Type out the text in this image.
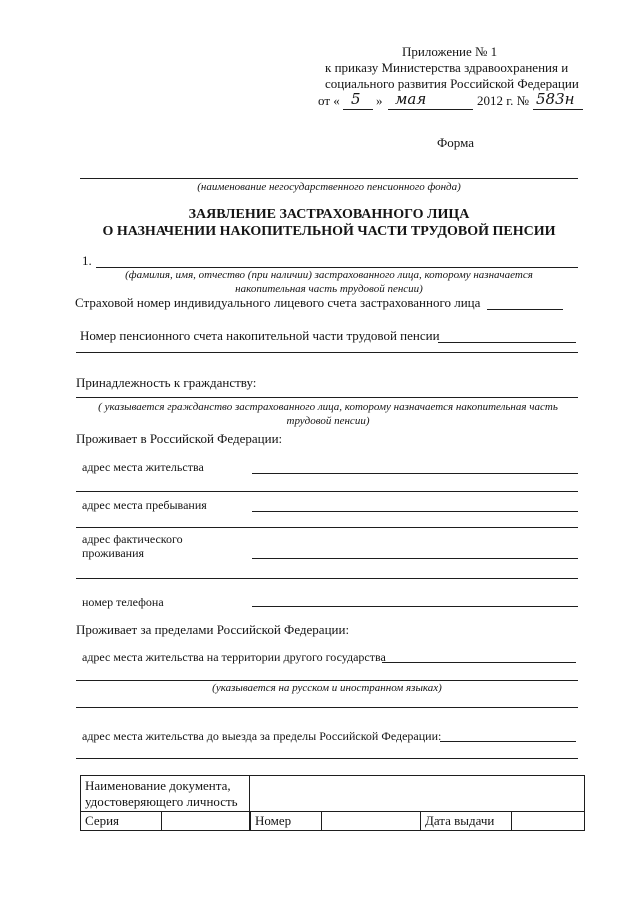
Приложение № 1
к приказу Министерства здравоохранения и
социального развития Российской Федерации
от « 5 » мая	2012 г. № 583н
Форма
(наименование негосударственного пенсионного фонда)
ЗАЯВЛЕНИЕ ЗАСТРАХОВАННОГО ЛИЦА
О НАЗНАЧЕНИИ НАКОПИТЕЛЬНОЙ ЧАСТИ ТРУДОВОЙ ПЕНСИИ
1.
(фамилия, имя, отчество (при наличии) застрахованного лица, которому назначается
накопительная часть трудовой пенсии)
Страховой номер индивидуального лицевого счета застрахованного лица
Номер пенсионного счета накопительной части трудовой пенсии
Принадлежность к гражданству:
( указывается гражданство застрахованного лица, которому назначается накопительная часть
трудовой пенсии)
Проживает в Российской Федерации:
адрес места жительства
адрес места пребывания
адрес фактического
проживания
номер телефона
Проживает за пределами Российской Федерации:
адрес места жительства на территории другого государства
(указывается на русском и иностранном языках)
адрес места жительства до выезда за пределы Российской Федерации:
Наименование документа,
удостоверяющего личность					

Серия			Номер		Дата выдачи	
